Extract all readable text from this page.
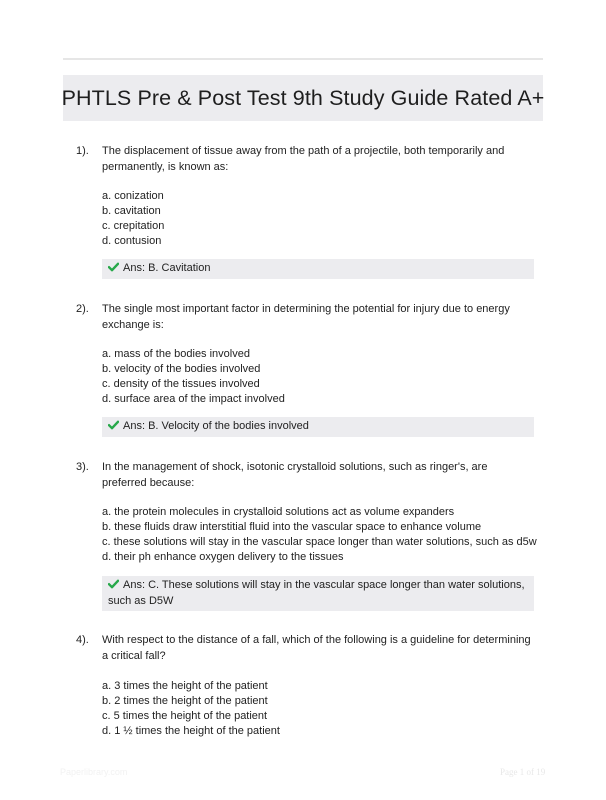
PHTLS Pre & Post Test 9th Study Guide Rated A+
1). The displacement of tissue away from the path of a projectile, both temporarily and permanently, is known as:

a. conization
b. cavitation
c. crepitation
d. contusion
Ans: B. Cavitation
2). The single most important factor in determining the potential for injury due to energy exchange is:

a. mass of the bodies involved
b. velocity of the bodies involved
c. density of the tissues involved
d. surface area of the impact involved
Ans: B. Velocity of the bodies involved
3). In the management of shock, isotonic crystalloid solutions, such as ringer's, are preferred because:

a. the protein molecules in crystalloid solutions act as volume expanders
b. these fluids draw interstitial fluid into the vascular space to enhance volume
c. these solutions will stay in the vascular space longer than water solutions, such as d5w
d. their ph enhance oxygen delivery to the tissues
Ans: C. These solutions will stay in the vascular space longer than water solutions, such as D5W
4). With respect to the distance of a fall, which of the following is a guideline for determining a critical fall?

a. 3 times the height of the patient
b. 2 times the height of the patient
c. 5 times the height of the patient
d. 1 ½ times the height of the patient
Paperlibrary.com	Page 1 of 19
